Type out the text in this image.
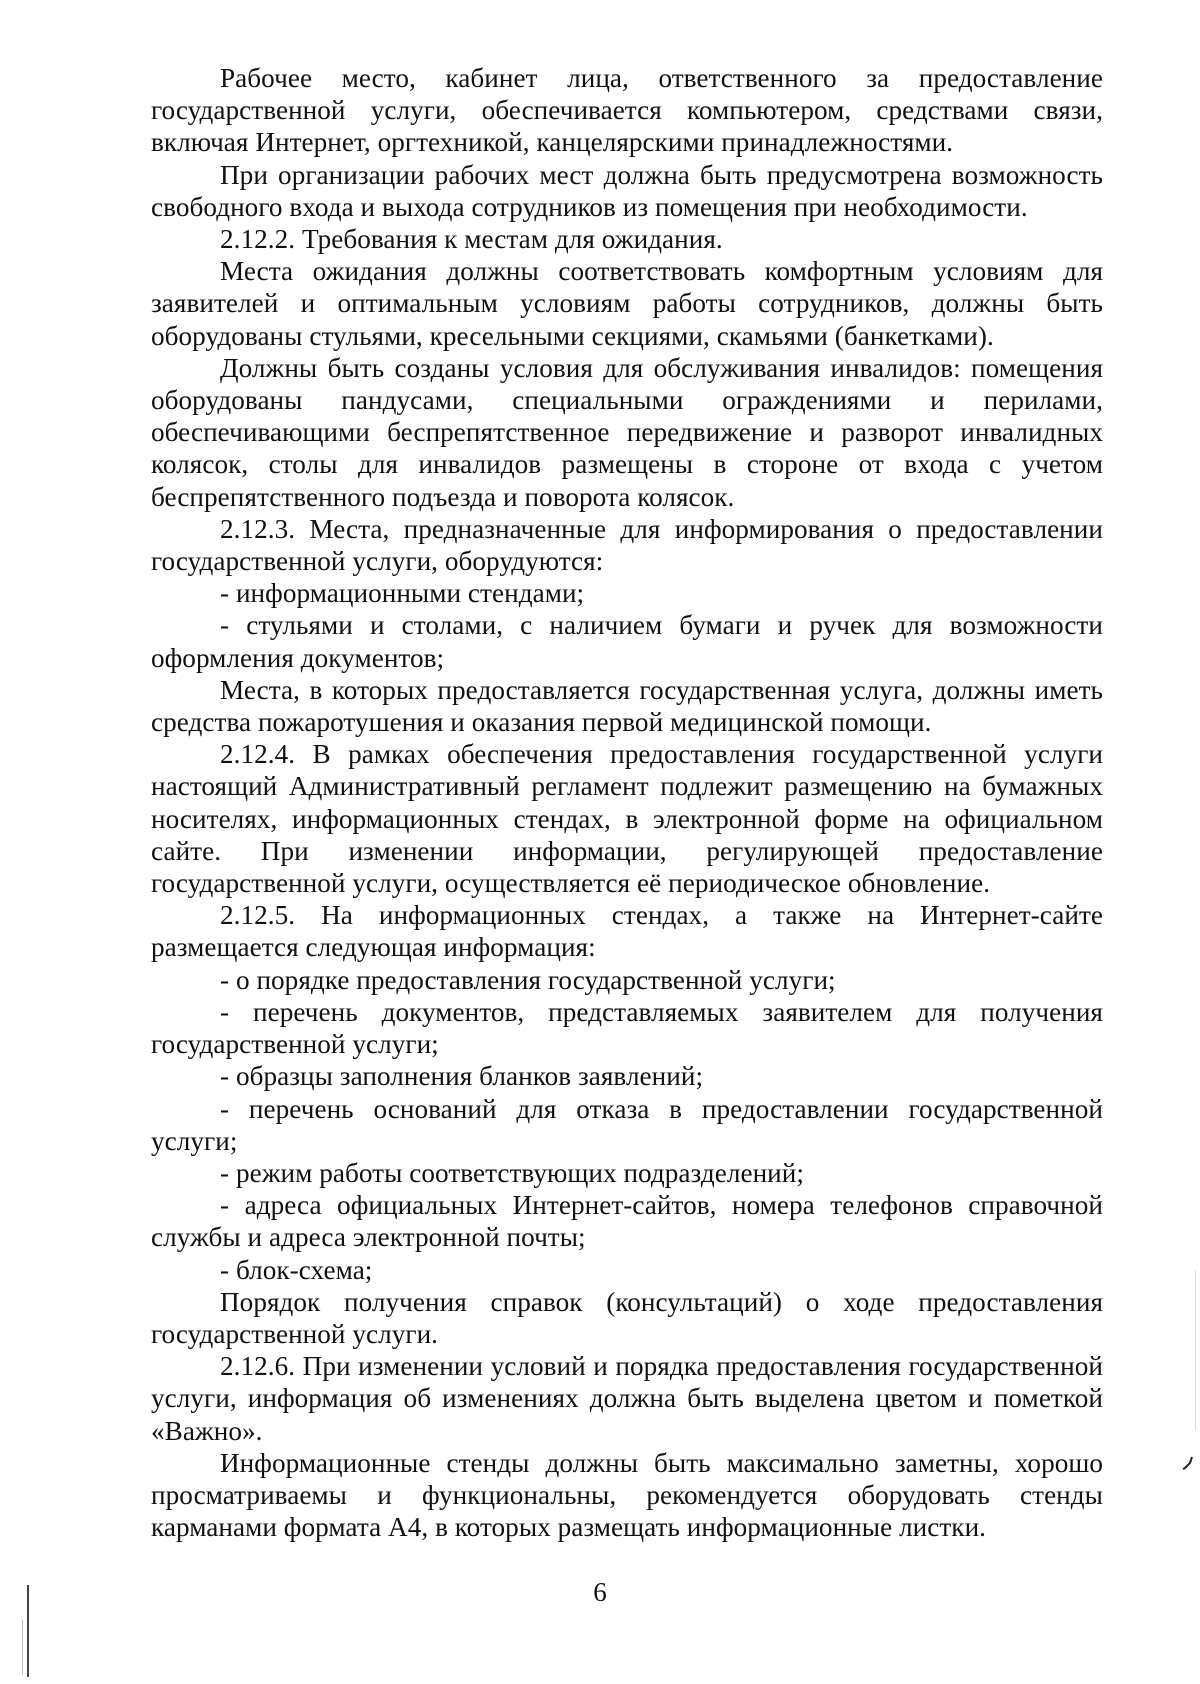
Рабочее место, кабинет лица, ответственного за предоставление государственной услуги, обеспечивается компьютером, средствами связи, включая Интернет, оргтехникой, канцелярскими принадлежностями.

При организации рабочих мест должна быть предусмотрена возможность свободного входа и выхода сотрудников из помещения при необходимости.

2.12.2. Требования к местам для ожидания.

Места ожидания должны соответствовать комфортным условиям для заявителей и оптимальным условиям работы сотрудников, должны быть оборудованы стульями, кресельными секциями, скамьями (банкетками).

Должны быть созданы условия для обслуживания инвалидов: помещения оборудованы пандусами, специальными ограждениями и перилами, обеспечивающими беспрепятственное передвижение и разворот инвалидных колясок, столы для инвалидов размещены в стороне от входа с учетом беспрепятственного подъезда и поворота колясок.

2.12.3. Места, предназначенные для информирования о предоставлении государственной услуги, оборудуются:

- информационными стендами;

- стульями и столами, с наличием бумаги и ручек для возможности оформления документов;

Места, в которых предоставляется государственная услуга, должны иметь средства пожаротушения и оказания первой медицинской помощи.

2.12.4. В рамках обеспечения предоставления государственной услуги настоящий Административный регламент подлежит размещению на бумажных носителях, информационных стендах, в электронной форме на официальном сайте. При изменении информации, регулирующей предоставление государственной услуги, осуществляется её периодическое обновление.

2.12.5. На информационных стендах, а также на Интернет-сайте размещается следующая информация:

- о порядке предоставления государственной услуги;

- перечень документов, представляемых заявителем для получения государственной услуги;

- образцы заполнения бланков заявлений;

- перечень оснований для отказа в предоставлении государственной услуги;

- режим работы соответствующих подразделений;

- адреса официальных Интернет-сайтов, номера телефонов справочной службы и адреса электронной почты;

- блок-схема;

Порядок получения справок (консультаций) о ходе предоставления государственной услуги.

2.12.6. При изменении условий и порядка предоставления государственной услуги, информация об изменениях должна быть выделена цветом и пометкой «Важно».

Информационные стенды должны быть максимально заметны, хорошо просматриваемы и функциональны, рекомендуется оборудовать стенды карманами формата А4, в которых размещать информационные листки.

6
